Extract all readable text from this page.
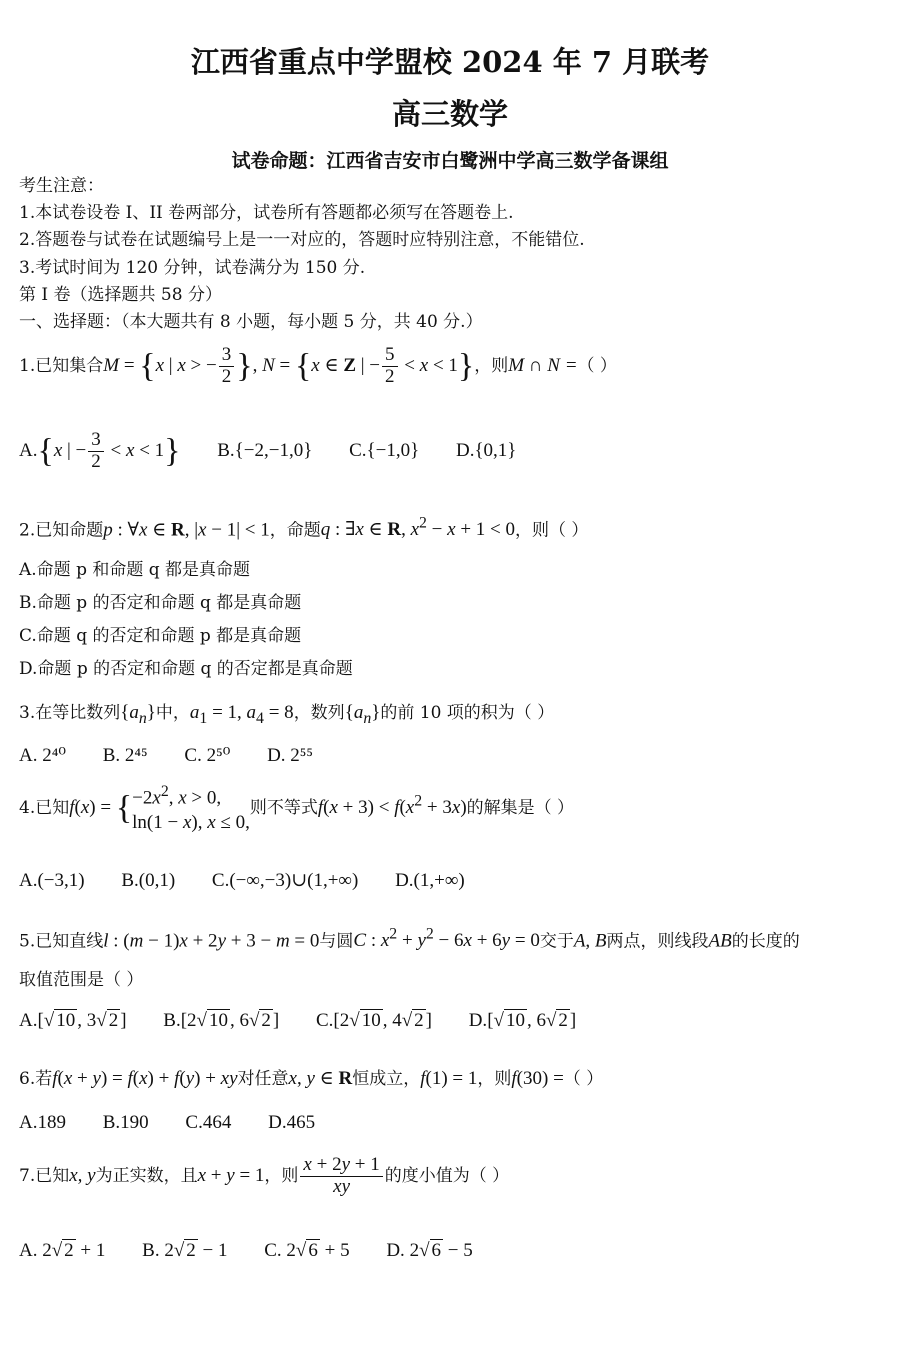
江西省重点中学盟校 2024 年 7 月联考
高三数学
试卷命题：江西省吉安市白鹭洲中学高三数学备课组
考生注意：
1.本试卷设卷 I、II 卷两部分，试卷所有答题都必须写在答题卷上.
2.答题卷与试卷在试题编号上是一一对应的，答题时应特别注意，不能错位.
3.考试时间为 120 分钟，试卷满分为 150 分.
第 I 卷（选择题共 58 分）
一、选择题：（本大题共有 8 小题，每小题 5 分，共 40 分.）
1.已知集合M = {x | x > − $\frac{3}{2}$ }, N = {x ∈ Z | − $\frac{5}{2} < x < 1$}，则M ∩ N =（ ）
A.{x | − $\frac{3}{2} < x < 1$} B.{−2,−1,0} C.{−1,0} D.{0,1}
2.已知命题p : ∀x ∈ R, |x − 1| < 1，命题q : ∃x ∈ R, $x^2 - x + 1 < 0$，则（ ）
A.命题 p 和命题 q 都是真命题
B.命题 p 的否定和命题 q 都是真命题
C.命题 q 的否定和命题 p 都是真命题
D.命题 p 的否定和命题 q 的否定都是真命题
3.在等比数列$\{a_n\}$中，$a_1 = 1$, $a_4 = 8$，数列$\{a_n\}$的前 10 项的积为（ ）
A. 2⁴⁰ B. 2⁴⁵ C. 2⁵⁰ D. 2⁵⁵
4.已知f(x) = { $-2x^2$, x > 0,
ln(1 − x), x ≤ 0,
则不等式$f(x + 3) < f(x^2 + 3x)$的解集是（ ）
A.(−3,1) B.(0,1) C.(−∞,−3)∪(1,+∞) D.(1,+∞)
5.已知直线l : (m − 1)x + 2y + 3 − m = 0与圆C : $x^2 + y^2 - 6x + 6y = 0$交于A, B两点，则线段AB的长度的
取值范围是（ ）
A.[√ 10 , 3√ 2 ] B.[2√ 10 , 6√ 2 ] C.[2√ 10 , 4√ 2 ] D.[√ 10 , 6√ 2 ]
6.若f(x + y) = f(x) + f(y) + xy对任意x, y ∈ R恒成立，f(1) = 1，则f(30) =（ ）
A.189 B.190 C.464 D.465
7.已知x, y为正实数，且x + y = 1，则 $\frac{x + 2y + 1}{xy}$ 的度小值为（ ）
A. 2√ 2 + 1 B. 2√ 2 − 1 C. 2√ 6 + 5 D. 2√ 6 − 5
